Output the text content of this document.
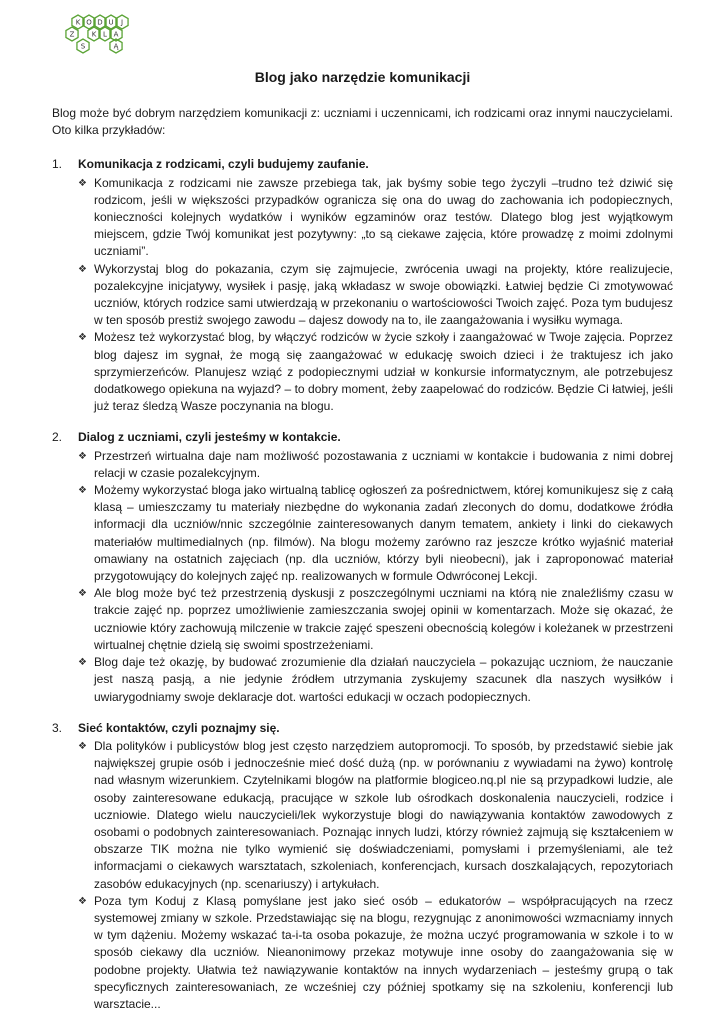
K O D U J
Z K L A
S	Ą
Blog jako narzędzie komunikacji

Blog może być dobrym narzędziem komunikacji z: uczniami i uczennicami, ich rodzicami oraz innymi nauczycielami. Oto kilka przykładów:

1.	Komunikacja z rodzicami, czyli budujemy zaufanie.
❖ Komunikacja z rodzicami nie zawsze przebiega tak, jak byśmy sobie tego życzyli –trudno też dziwić się rodzicom, jeśli w większości przypadków ogranicza się ona do uwag do zachowania ich podopiecznych, konieczności kolejnych wydatków i wyników egzaminów oraz testów. Dlatego blog jest wyjątkowym miejscem, gdzie Twój komunikat jest pozytywny: „to są ciekawe zajęcia, które prowadzę z moimi zdolnymi uczniami”.
❖ Wykorzystaj blog do pokazania, czym się zajmujecie, zwrócenia uwagi na projekty, które realizujecie, pozalekcyjne inicjatywy, wysiłek i pasję, jaką wkładasz w swoje obowiązki. Łatwiej będzie Ci zmotywować uczniów, których rodzice sami utwierdzają w przekonaniu o wartościowości Twoich zajęć. Poza tym budujesz w ten sposób prestiż swojego zawodu – dajesz dowody na to, ile zaangażowania i wysiłku wymaga.
❖ Możesz też wykorzystać blog, by włączyć rodziców w życie szkoły i zaangażować w Twoje zajęcia. Poprzez blog dajesz im sygnał, że mogą się zaangażować w edukację swoich dzieci i że traktujesz ich jako sprzymierzeńców. Planujesz wziąć z podopiecznymi udział w konkursie informatycznym, ale potrzebujesz dodatkowego opiekuna na wyjazd? – to dobry moment, żeby zaapelować do rodziców. Będzie Ci łatwiej, jeśli już teraz śledzą Wasze poczynania na blogu.
2.	Dialog z uczniami, czyli jesteśmy w kontakcie.
❖ Przestrzeń wirtualna daje nam możliwość pozostawania z uczniami w kontakcie i budowania z nimi dobrej relacji w czasie pozalekcyjnym.
❖ Możemy wykorzystać bloga jako wirtualną tablicę ogłoszeń za pośrednictwem, której komunikujesz się z całą klasą – umieszczamy tu materiały niezbędne do wykonania zadań zleconych do domu, dodatkowe źródła informacji dla uczniów/nnic szczególnie zainteresowanych danym tematem, ankiety i linki do ciekawych materiałów multimedialnych (np. filmów). Na blogu możemy zarówno raz jeszcze krótko wyjaśnić materiał omawiany na ostatnich zajęciach (np. dla uczniów, którzy byli nieobecni), jak i zaproponować materiał przygotowujący do kolejnych zajęć np. realizowanych w formule Odwróconej Lekcji.
❖ Ale blog może być też przestrzenią dyskusji z poszczególnymi uczniami na którą nie znaleźliśmy czasu w trakcie zajęć np. poprzez umożliwienie zamieszczania swojej opinii w komentarzach. Może się okazać, że uczniowie który zachowują milczenie w trakcie zajęć speszeni obecnością kolegów i koleżanek w przestrzeni wirtualnej chętnie dzielą się swoimi spostrzeżeniami.
❖ Blog daje też okazję, by budować zrozumienie dla działań nauczyciela – pokazując uczniom, że nauczanie jest naszą pasją, a nie jedynie źródłem utrzymania zyskujemy szacunek dla naszych wysiłków i uwiarygodniamy swoje deklaracje dot. wartości edukacji w oczach podopiecznych.
3.	Sieć kontaktów, czyli poznajmy się.
❖ Dla polityków i publicystów blog jest często narzędziem autopromocji. To sposób, by przedstawić siebie jak największej grupie osób i jednocześnie mieć dość dużą (np. w porównaniu z wywiadami na żywo) kontrolę nad własnym wizerunkiem. Czytelnikami blogów na platformie blogiceo.nq.pl nie są przypadkowi ludzie, ale osoby zainteresowane edukacją, pracujące w szkole lub ośrodkach doskonalenia nauczycieli, rodzice i uczniowie. Dlatego wielu nauczycieli/lek wykorzystuje blogi do nawiązywania kontaktów zawodowych z osobami o podobnych zainteresowaniach. Poznając innych ludzi, którzy również zajmują się kształceniem w obszarze TIK można nie tylko wymienić się doświadczeniami, pomysłami i przemyśleniami, ale też informacjami o ciekawych warsztatach, szkoleniach, konferencjach, kursach doszkalających, repozytoriach zasobów edukacyjnych (np. scenariuszy) i artykułach.
❖ Poza tym Koduj z Klasą pomyślane jest jako sieć osób – edukatorów – współpracujących na rzecz systemowej zmiany w szkole. Przedstawiając się na blogu, rezygnując z anonimowości wzmacniamy innych w tym dążeniu. Możemy wskazać ta-i-ta osoba pokazuje, że można uczyć programowania w szkole i to w sposób ciekawy dla uczniów. Nieanonimowy przekaz motywuje inne osoby do zaangażowania się w podobne projekty. Ułatwia też nawiązywanie kontaktów na innych wydarzeniach – jesteśmy grupą o tak specyficznych zainteresowaniach, ze wcześniej czy później spotkamy się na szkoleniu, konferencji lub warsztacie...
